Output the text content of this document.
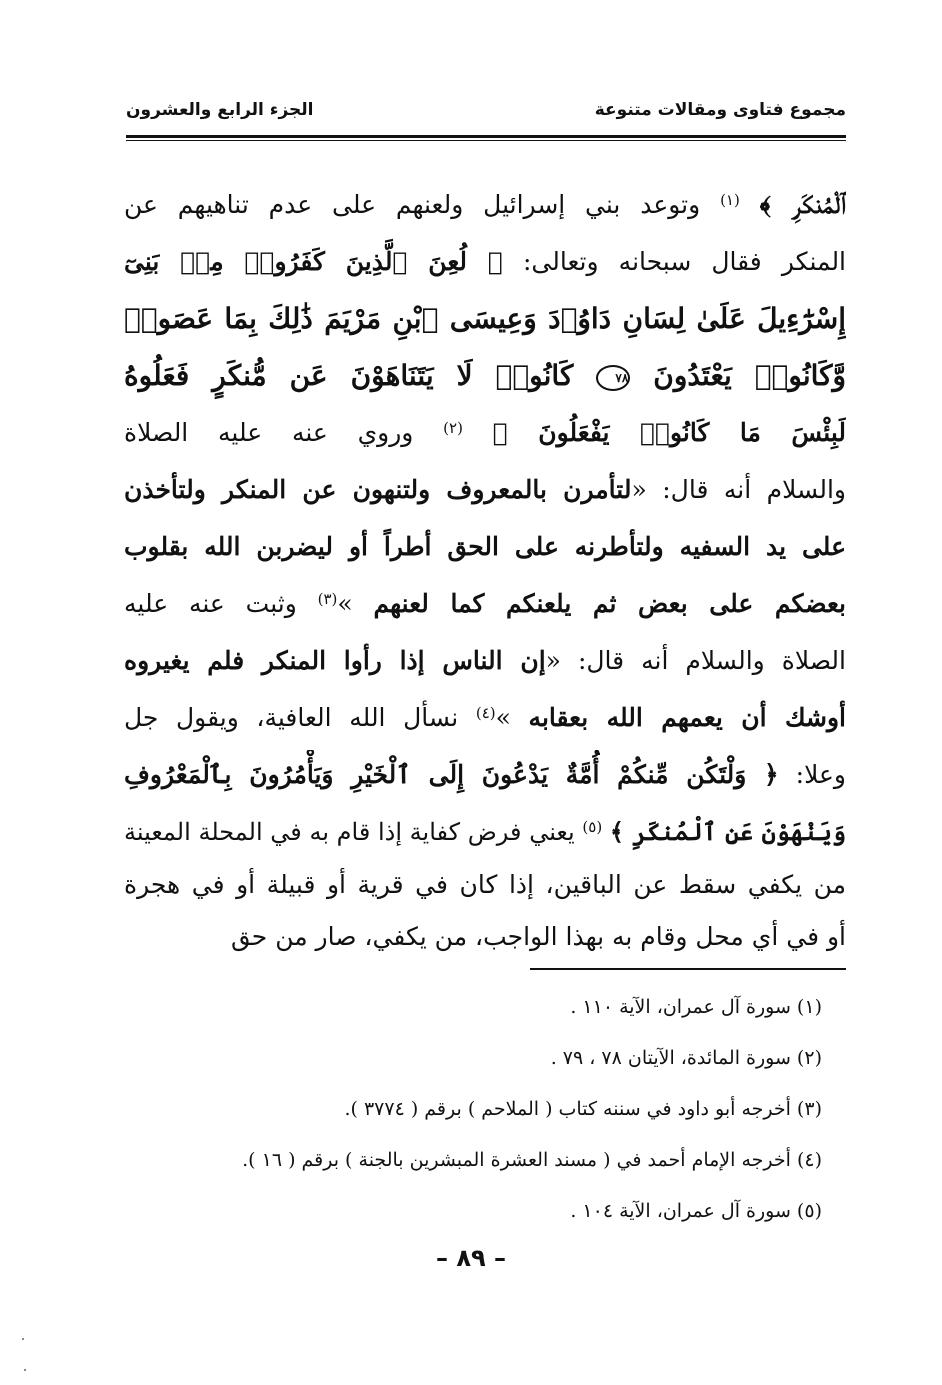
مجموع فتاوى ومقالات متنوعة
الجزء الرابع والعشرون
ﭐلْمُنكَرِ ﴾ $^{(١)}$ وتوعد بني إسرائيل ولعنهم على عدم تناهيهم عن
المنكر فقال سبحانه وتعالى: ﴿ لُعِنَ ٱلَّذِينَ كَفَرُوا۟ مِنۢ بَنِىٓ
إِسْرَٰٓءِيلَ عَلَىٰ لِسَانِ دَاوُۥدَ وَعِيسَى ٱبْنِ مَرْيَمَ ذَٰلِكَ بِمَا عَصَوا۟
وَّكَانُوا۟ يَعْتَدُونَ ٧٨ كَانُوا۟ لَا يَتَنَاهَوْنَ عَن مُّنكَرٍ فَعَلُوهُ
لَبِئْسَ مَا كَانُوا۟ يَفْعَلُونَ ﴾ $^{(٢)}$ وروي عنه عليه الصلاة
والسلام أنه قال: «لتأمرن بالمعروف ولتنهون عن المنكر ولتأخذن
على يد السفيه ولتأطرنه على الحق أطراً أو ليضربن الله بقلوب
بعضكم على بعض ثم يلعنكم كما لعنهم »$^{(٣)}$ وثبت عنه عليه
الصلاة والسلام أنه قال: «إن الناس إذا رأوا المنكر فلم يغيروه
أوشك أن يعمهم الله بعقابه »$^{(٤)}$ نسأل الله العافية، ويقول جل
وعلا: ﴿ وَلْتَكُن مِّنكُمْ أُمَّةٌ يَدْعُونَ إِلَى ٱلْخَيْرِ وَيَأْمُرُونَ بِٱلْمَعْرُوفِ
وَيَنْهَوْنَ عَنِ ٱلْمُنكَرِ ﴾ $^{(٥)}$ يعني فرض كفاية إذا قام به في المحلة المعينة
من يكفي سقط عن الباقين، إذا كان في قرية أو قبيلة أو في هجرة
أو في أي محل وقام به بهذا الواجب، من يكفي، صار من حق
(١) سورة آل عمران، الآية ١١٠ .
(٢) سورة المائدة، الآيتان ٧٨ ، ٧٩ .
(٣) أخرجه أبو داود في سننه كتاب ( الملاحم ) برقم ( ٣٧٧٤ ).
(٤) أخرجه الإمام أحمد في ( مسند العشرة المبشرين بالجنة ) برقم ( ١٦ ).
(٥) سورة آل عمران، الآية ١٠٤ .
– ٨٩ –
